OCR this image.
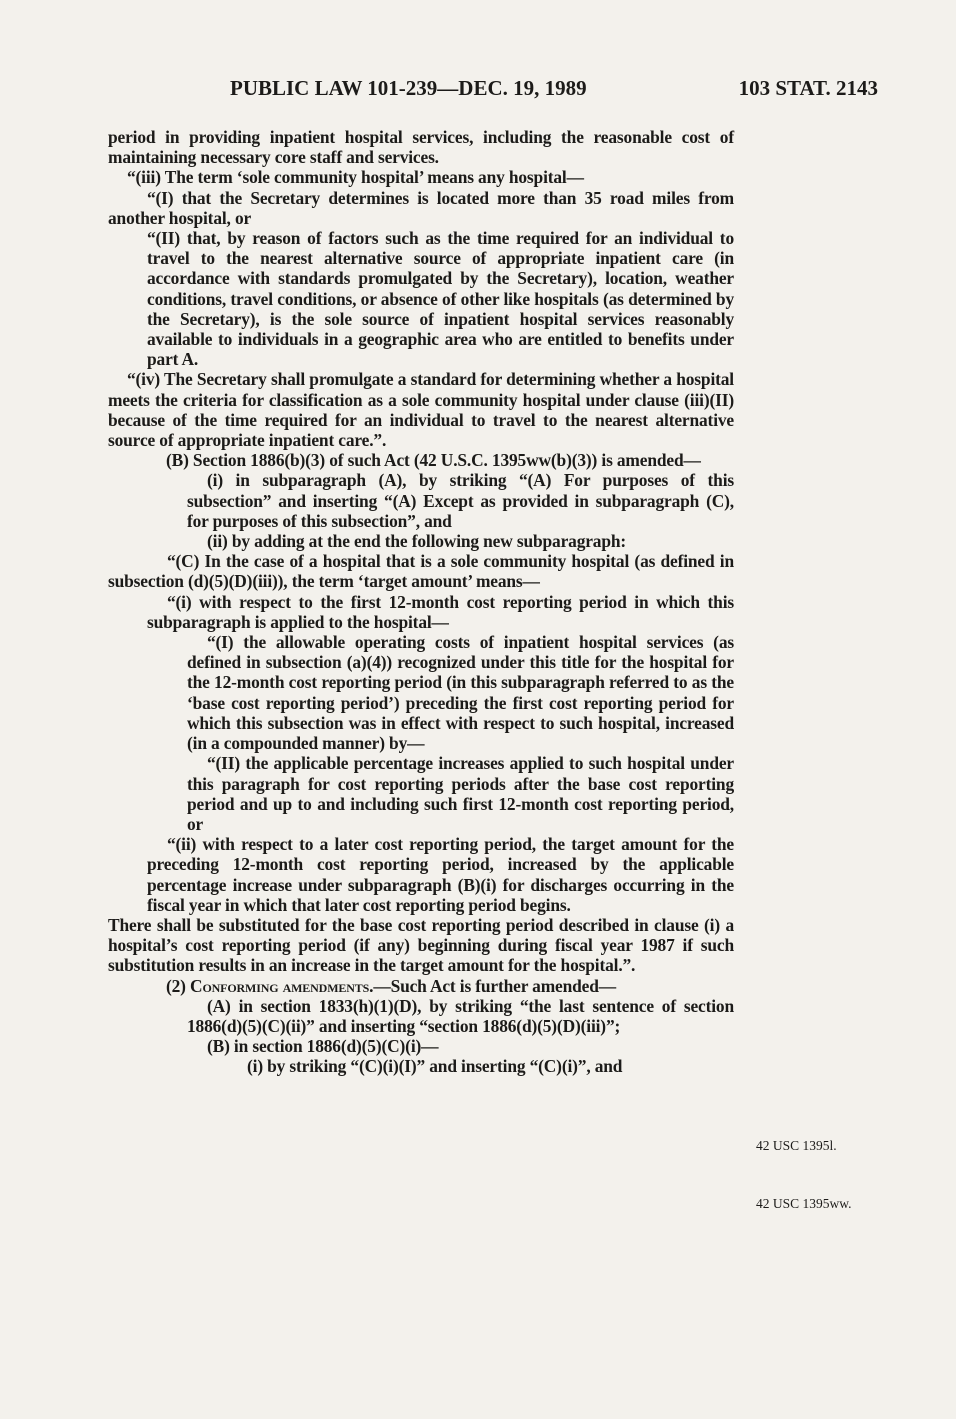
PUBLIC LAW 101-239—DEC. 19, 1989	103 STAT. 2143

period in providing inpatient hospital services, including the reasonable cost of maintaining necessary core staff and services.

“(iii) The term ‘sole community hospital’ means any hospital—

“(I) that the Secretary determines is located more than 35 road miles from another hospital, or

“(II) that, by reason of factors such as the time required for an individual to travel to the nearest alternative source of appropriate inpatient care (in accordance with standards promulgated by the Secretary), location, weather conditions, travel conditions, or absence of other like hospitals (as determined by the Secretary), is the sole source of inpatient hospital services reasonably available to individuals in a geographic area who are entitled to benefits under part A.

“(iv) The Secretary shall promulgate a standard for determining whether a hospital meets the criteria for classification as a sole community hospital under clause (iii)(II) because of the time required for an individual to travel to the nearest alternative source of appropriate inpatient care.”.

(B) Section 1886(b)(3) of such Act (42 U.S.C. 1395ww(b)(3)) is amended—

(i) in subparagraph (A), by striking “(A) For purposes of this subsection” and inserting “(A) Except as provided in subparagraph (C), for purposes of this subsection”, and

(ii) by adding at the end the following new subparagraph:

“(C) In the case of a hospital that is a sole community hospital (as defined in subsection (d)(5)(D)(iii)), the term ‘target amount’ means—

“(i) with respect to the first 12-month cost reporting period in which this subparagraph is applied to the hospital—

“(I) the allowable operating costs of inpatient hospital services (as defined in subsection (a)(4)) recognized under this title for the hospital for the 12-month cost reporting period (in this subparagraph referred to as the ‘base cost reporting period’) preceding the first cost reporting period for which this subsection was in effect with respect to such hospital, increased (in a compounded manner) by—

“(II) the applicable percentage increases applied to such hospital under this paragraph for cost reporting periods after the base cost reporting period and up to and including such first 12-month cost reporting period, or

“(ii) with respect to a later cost reporting period, the target amount for the preceding 12-month cost reporting period, increased by the applicable percentage increase under subparagraph (B)(i) for discharges occurring in the fiscal year in which that later cost reporting period begins.

There shall be substituted for the base cost reporting period described in clause (i) a hospital’s cost reporting period (if any) beginning during fiscal year 1987 if such substitution results in an increase in the target amount for the hospital.”.

(2) Conforming amendments.—Such Act is further amended—

(A) in section 1833(h)(1)(D), by striking “the last sentence of section 1886(d)(5)(C)(ii)” and inserting “section 1886(d)(5)(D)(iii)”;

(B) in section 1886(d)(5)(C)(i)—

(i) by striking “(C)(i)(I)” and inserting “(C)(i)”, and

42 USC 1395l.
42 USC 1395ww.
